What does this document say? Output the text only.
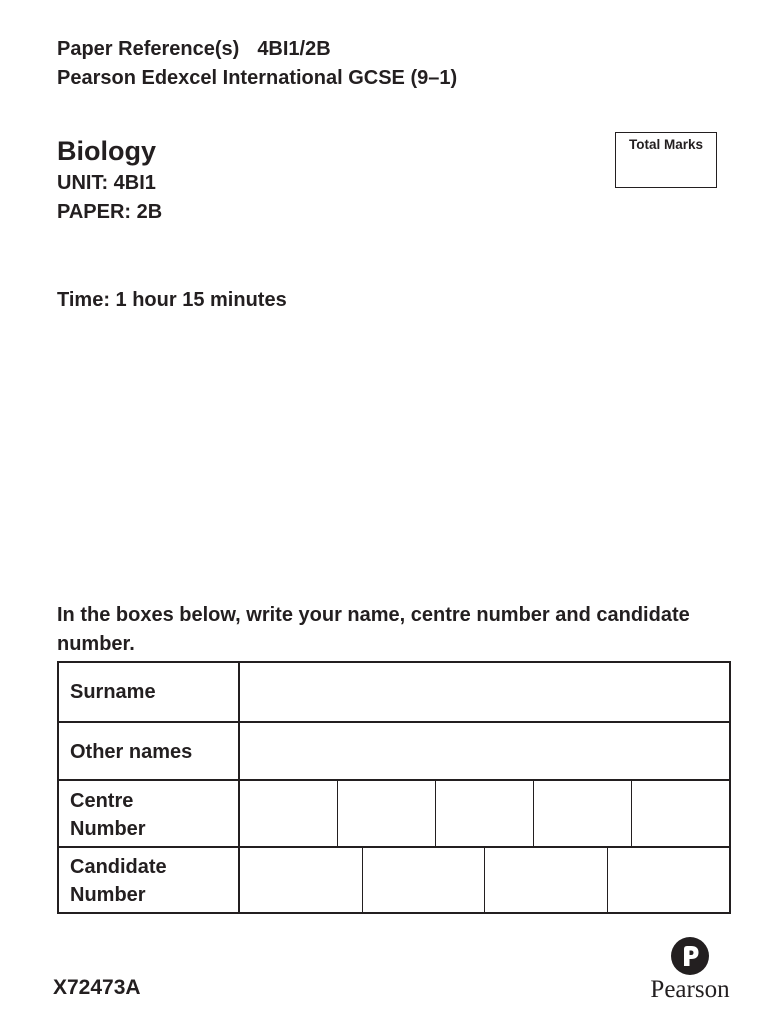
Paper Reference(s) 4BI1/2B
Pearson Edexcel International GCSE (9–1)
Biology
UNIT: 4BI1
PAPER: 2B
Total Marks
Time: 1 hour 15 minutes
In the boxes below, write your name, centre number and candidate number.
Surname
Other names
Centre
Number
Candidate
Number
X72473A	Pearson
